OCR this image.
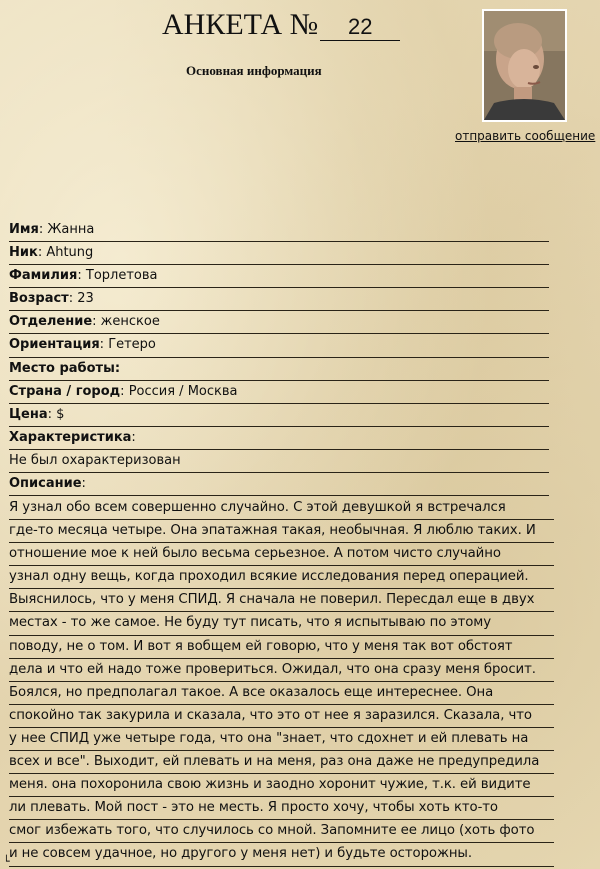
АНКЕТА № 22
Основная информация
отправить сообщение
Имя: Жанна
Ник: Ahtung
Фамилия: Торлетова
Возраст: 23
Отделение: женское
Ориентация: Гетеро
Место работы:
Страна / город: Россия / Москва
Цена: $
Характеристика:
Не был охарактеризован
Описание:
Я узнал обо всем совершенно случайно. С этой девушкой я встречался
где-то месяца четыре. Она эпатажная такая, необычная. Я люблю таких. И
отношение мое к ней было весьма серьезное. А потом чисто случайно
узнал одну вещь, когда проходил всякие исследования перед операцией.
Выяснилось, что у меня СПИД. Я сначала не поверил. Пересдал еще в двух
местах - то же самое. Не буду тут писать, что я испытываю по этому
поводу, не о том. И вот я вобщем ей говорю, что у меня так вот обстоят
дела и что ей надо тоже провериться. Ожидал, что она сразу меня бросит.
Боялся, но предполагал такое. А все оказалось еще интереснее. Она
спокойно так закурила и сказала, что это от нее я заразился. Сказала, что
у нее СПИД уже четыре года, что она "знает, что сдохнет и ей плевать на
всех и все". Выходит, ей плевать и на меня, раз она даже не предупредила
меня. она похоронила свою жизнь и заодно хоронит чужие, т.к. ей видите
ли плевать. Мой пост - это не месть. Я просто хочу, чтобы хоть кто-то
смог избежать того, что случилось со мной. Запомните ее лицо (хоть фото
и не совсем удачное, но другого у меня нет) и будьте осторожны.
└
